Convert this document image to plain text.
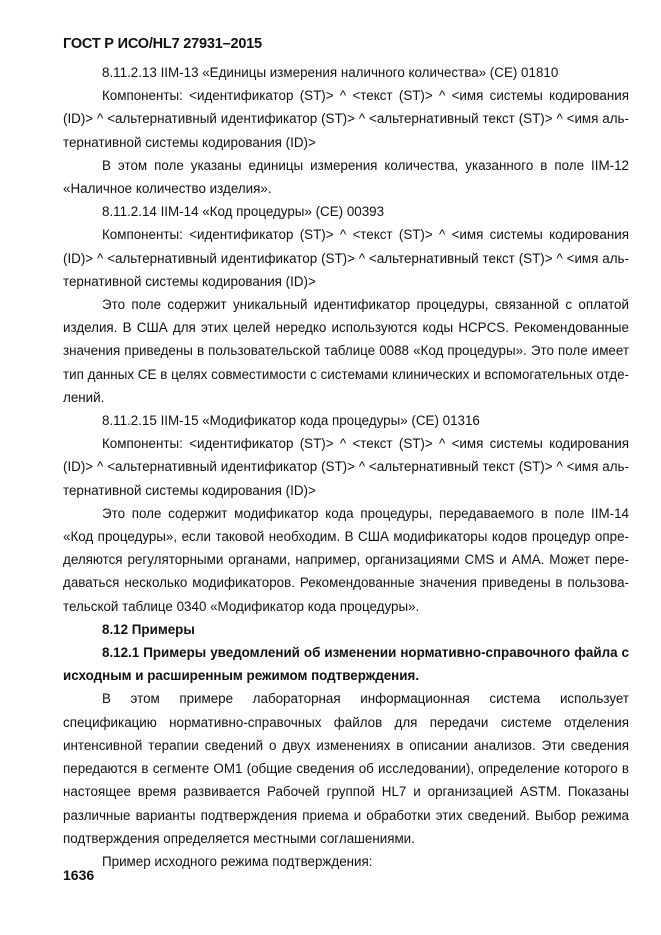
ГОСТ Р ИСО/HL7 27931–2015

8.11.2.13 IIM-13 «Единицы измерения наличного количества» (CE) 01810

Компоненты: <идентификатор (ST)> ^ <текст (ST)> ^ <имя системы кодирования (ID)> ^ <альтернативный идентификатор (ST)> ^ <альтернативный текст (ST)> ^ <имя альтернативной системы кодирования (ID)>

В этом поле указаны единицы измерения количества, указанного в поле IIM-12 «Наличное количество изделия».

8.11.2.14 IIM-14 «Код процедуры» (CE) 00393

Компоненты: <идентификатор (ST)> ^ <текст (ST)> ^ <имя системы кодирования (ID)> ^ <альтернативный идентификатор (ST)> ^ <альтернативный текст (ST)> ^ <имя альтернативной системы кодирования (ID)>

Это поле содержит уникальный идентификатор процедуры, связанной с оплатой изделия. В США для этих целей нередко используются коды HCPCS. Рекомендованные значения приведены в пользовательской таблице 0088 «Код процедуры». Это поле имеет тип данных CE в целях совместимости с системами клинических и вспомогательных отделений.

8.11.2.15 IIM-15 «Модификатор кода процедуры» (CE) 01316

Компоненты: <идентификатор (ST)> ^ <текст (ST)> ^ <имя системы кодирования (ID)> ^ <альтернативный идентификатор (ST)> ^ <альтернативный текст (ST)> ^ <имя альтернативной системы кодирования (ID)>

Это поле содержит модификатор кода процедуры, передаваемого в поле IIM-14 «Код процедуры», если таковой необходим. В США модификаторы кодов процедур определяются регуляторными органами, например, организациями CMS и AMA. Может передаваться несколько модификаторов. Рекомендованные значения приведены в пользовательской таблице 0340 «Модификатор кода процедуры».

8.12 Примеры

8.12.1 Примеры уведомлений об изменении нормативно-справочного файла с исходным и расширенным режимом подтверждения.

В этом примере лабораторная информационная система использует спецификацию нормативно-справочных файлов для передачи системе отделения интенсивной терапии сведений о двух изменениях в описании анализов. Эти сведения передаются в сегменте OM1 (общие сведения об исследовании), определение которого в настоящее время развивается Рабочей группой HL7 и организацией ASTM. Показаны различные варианты подтверждения приема и обработки этих сведений. Выбор режима подтверждения определяется местными соглашениями.

Пример исходного режима подтверждения:

1636
